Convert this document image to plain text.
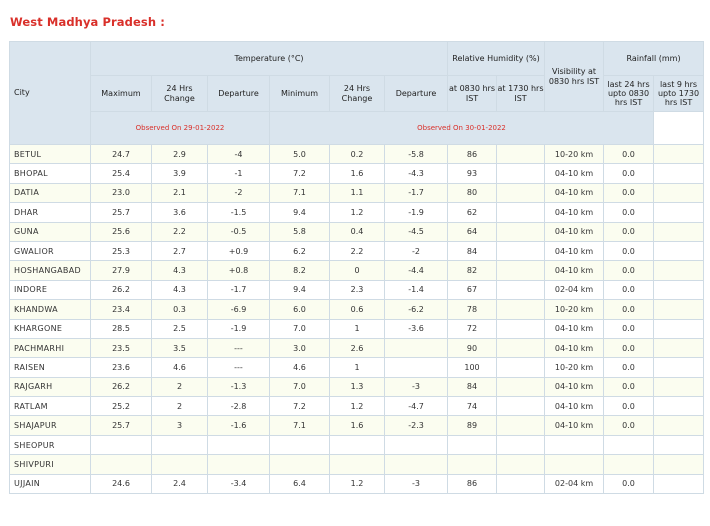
West Madhya Pradesh :
City	Temperature (°C)						Relative Humidity (%)		Visibility at 0830 hrs IST	Rainfall (mm)	
	Maximum	24 Hrs Change	Departure	Minimum	24 Hrs Change	Departure	at 0830 hrs IST	at 1730 hrs IST		last 24 hrs upto 0830 hrs IST	last 9 hrs upto 1730 hrs IST
	Observed On 29-01-2022			Observed On 30-01-2022							
BETUL	24.7	2.9	-4	5.0	0.2	-5.8	86		10-20 km	0.0	
BHOPAL	25.4	3.9	-1	7.2	1.6	-4.3	93		04-10 km	0.0	
DATIA	23.0	2.1	-2	7.1	1.1	-1.7	80		04-10 km	0.0	
DHAR	25.7	3.6	-1.5	9.4	1.2	-1.9	62		04-10 km	0.0	
GUNA	25.6	2.2	-0.5	5.8	0.4	-4.5	64		04-10 km	0.0	
GWALIOR	25.3	2.7	+0.9	6.2	2.2	-2	84		04-10 km	0.0	
HOSHANGABAD	27.9	4.3	+0.8	8.2	0	-4.4	82		04-10 km	0.0	
INDORE	26.2	4.3	-1.7	9.4	2.3	-1.4	67		02-04 km	0.0	
KHANDWA	23.4	0.3	-6.9	6.0	0.6	-6.2	78		10-20 km	0.0	
KHARGONE	28.5	2.5	-1.9	7.0	1	-3.6	72		04-10 km	0.0	
PACHMARHI	23.5	3.5	---	3.0	2.6		90		04-10 km	0.0	
RAISEN	23.6	4.6	---	4.6	1		100		10-20 km	0.0	
RAJGARH	26.2	2	-1.3	7.0	1.3	-3	84		04-10 km	0.0	
RATLAM	25.2	2	-2.8	7.2	1.2	-4.7	74		04-10 km	0.0	
SHAJAPUR	25.7	3	-1.6	7.1	1.6	-2.3	89		04-10 km	0.0	
SHEOPUR											
SHIVPURI											
UJJAIN	24.6	2.4	-3.4	6.4	1.2	-3	86		02-04 km	0.0	
